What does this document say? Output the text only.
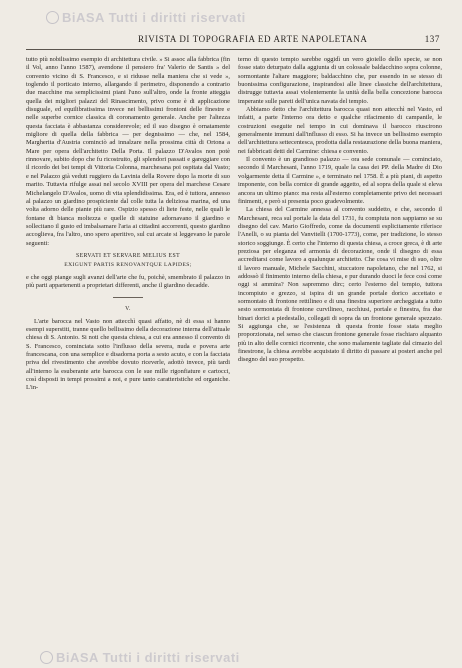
BiASA Tutti i diritti riservati
RIVISTA DI TOPOGRAFIA ED ARTE NAPOLETANA	137

tutto più nobilissimo esempio di architettura civile. » Si assoc alla fabbrica (fin il Vol, anno l'anno 1587), avendone il pensiero fra' Valerio de Santis » del convento vicino di S. Francesco, e si ridusse nella maniera che si vede », toglendo il porticato interno, allargando il perimetro, disponendo a contrario due macchine ma semplicissimi piani l'uno sull'altro, onde la fronte atteggia quella dei migliori palazzi del Rinascimento, privo come è di applicazione disuguale, ed equilibratissima invece nei bellissimi frontoni delle finestre e nelle superbe cornice classica di coronamento generale. Anche per l'altezza questa facciata è abbastanza considerevole; ed il suo disegno è ornatamente migliore di quella della fabbrica — per degnissimo — che, nel 1584, Margherita d'Austria cominciò ad innalzare nella prossima città di Ortona a Mare per opera dell'architetto Della Porta. Il palazzo D'Avalos non potè rinnovare, subito dopo che fu ricostruito, gli splendori passati e gareggiare con il ricordo dei bei tempi di Vittoria Colonna, marchesana poi ospitata dal Vasto; e nel Palazzo già veduti ruggiero da Lavinia della Rovere dopo la morte di suo marito. Tuttavia rifulge assai nel secolo XVIII per opera del marchese Cesare Michelangelo D'Avalos, uomo di vita splendidissima. Era, ed è tuttora, annesso al palazzo un giardino prospiciente dal colle tutta la deliziosa marina, ed una volta adorno delle piante più rare. Ospizio spesso di liete feste, nelle quali le fontane di bianca moltezza e quelle di statuine adornavano il giardino e sollecitano il gusto ed imbalsamare l'aria ai cittadini accorrenti, questo giardino accoglieva, fra l'altro, uno spero aperitivo, sul cui arcate si leggevano le parole seguenti:

SERVATI ET SERVARE MELIUS EST
EXIGUNT PARTIS RENOVANTQUE LAPIDES;

e che oggi piange sugli avanzi dell'arte che fu, poichè, smembrato il palazzo in più parti appartenenti a proprietari differenti, anche il giardino decadde.

V.

L'arte barocca nel Vasto non attecchì quasi affatto, nè di essa si hanno esempi superstiti, tranne quello bellissimo della decorazione interna dell'attuale chiesa di S. Antonio. Si noti che questa chiesa, a cui era annesso il convento di S. Francesco, cominciata sotto l'influsso della severa, nuda e povera arte francescana, con una semplice e disadorna porta a sesto acuto, e con la facciata priva del rivestimento che avrebbe dovuto riceverle, adottò invece, più tardi all'interno la esuberante arte barocca con le sue mille rigonfiature e cartocci, così disposti in tempi prossimi a noi, e pure tanto caratteristiche ed organiche. L'in-

terno di questo tempio sarebbe oggidì un vero gioiello dello specie, se non fosse stato deturpato dalla aggiunta di un colossale baldacchino sopra colonne, sormontante l'altare maggiore; baldacchino che, pur essendo in se stesso di buonissima configurazione, inspirandosi alle linee classiche dell'architettura, distrugge tuttavia assai violentemente la unità della bella concezione barocca imperante sulle pareti dell'unica navata del tempio.

Abbiamo detto che l'architettura barocca quasi non attecchì nel Vasto, ed infatti, a parte l'interno ora detto e qualche rifacimento di campanile, le costruzioni eseguite nel tempo in cui dominava il barocco riuscirono generalmente immuni dall'influsso di esso. Si ha invece un bellissimo esempio dell'architettura settecentesca, prodotta dalla restaurazione della buona maniera, nei fabbricati detti del Carmine: chiesa e convento.

Il convento è un grandioso palazzo — ora sede comunale — cominciato, secondo il Marchesani, l'anno 1719, quale la casa dei PP. della Madre di Dio volgarmente detta il Carmine », e terminato nel 1758. È a più piani, di aspetto imponente, con bella cornice di grande aggetto, ed al sopra della quale si eleva ancora un ultimo piano: ma resta all'esterno completamente privo dei necessari finimenti, e però si presenta poco gradevolmente.

La chiesa del Carmine annessa al convento suddetto, e che, secondo il Marchesani, reca sul portale la data del 1731, fu compiuta non sappiamo se su disegno del cav. Mario Gioffredo, come da documenti esplicitamente riferisce l'Anelli, o su pianta del Vanvitelli (1700-1773), come, per tradizione, lo stesso storico soggiunge. È certo che l'interno di questa chiesa, a croce greca, è di arte preziosa per eleganza ed armonia di decorazione, onde il disegno di essa accreditarsi come lavoro a qualunque architetto. Che cosa vi mise di suo, oltre il lavoro manuale, Michele Sacchini, stuccatore napoletano, che nel 1762, si addossò il finimento interno della chiesa, e pur durando duoci le fece così come oggi si ammira? Non sapremmo dirc; certo l'esterno del tempio, tuttora incompiuto e grezzo, si ispira di un grande portale dorico accettato e sormontato di frontone rettilineo e di una finestra superiore archeggiata a tutto sesto sormontata di frontone curvilineo, racchiusi, portale e finestra, fra due binari dorici a piedestallo, collegati di sopra da un frontone generale spezzato. Si aggiunga che, se l'esistenza di questa fronte fosse stata meglio proporzionata, nel senso che ciascun frontone generale fosse rischiaro alquanto più in alto delle cornici ricorrente, che sono malamente tagliate dal cimazio del finestrone, la chiesa avrebbe acquistato il diritto di passare ai posteri anche pel disegno del suo prospetto.

BiASA Tutti i diritti riservati
